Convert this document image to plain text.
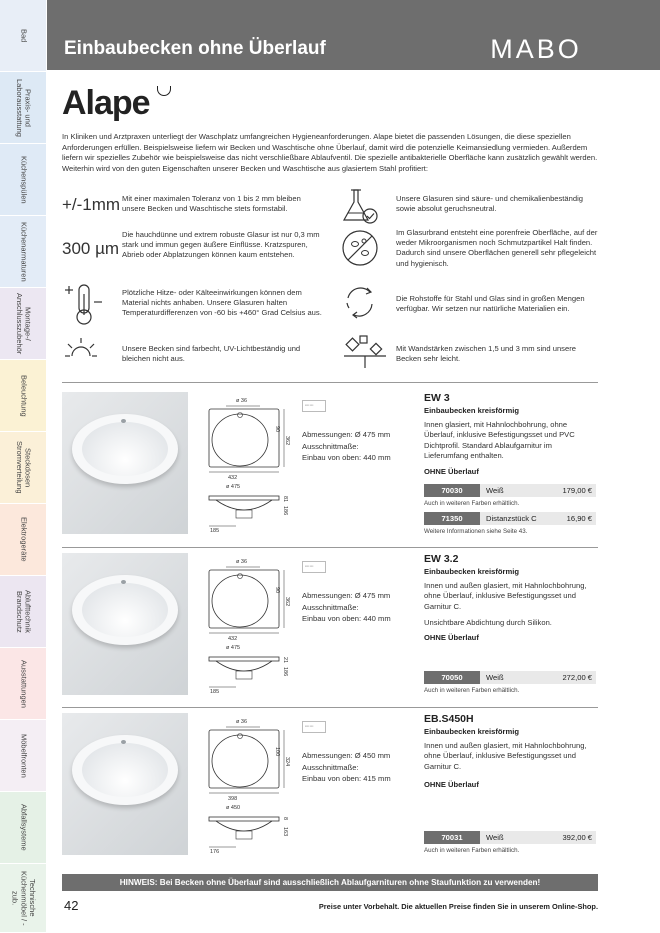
Bad
Praxis- und
Laborausstattung
Küchenspülen
Küchenarmaturen
Montage-/
Anschlusszubehör
Beleuchtung
Steckdosen
Stromverteilung
Elektrogeräte
Ablufttechnik
Brandschutz
Ausstattungen
Möbelfronten
Abfallsysteme
Technische
Küchenmöbel / -zub.
Einbaubecken ohne Überlauf	MABO
Alape
In Kliniken und Arztpraxen unterliegt der Waschplatz umfangreichen Hygieneanforderungen. Alape bietet die passenden Lösungen, die diese speziellen Anforderungen erfüllen. Beispielsweise liefern wir Becken und Waschtische ohne Überlauf, damit wird die potenzielle Keimansiedlung vermieden. Außerdem liefern wir spezielles Zubehör wie beispielsweise das nicht verschließbare Ablaufventil. Die spezielle antibakterielle Oberfläche kann zusätzlich gewählt werden. Weiterhin wird von den guten Eigenschaften unserer Becken und Waschtische aus glasiertem Stahl profitiert:
+/-1mm Mit einer maximalen Toleranz von 1 bis 2 mm bleiben unsere Becken und Waschtische stets formstabil.
300 µm
Die hauchdünne und extrem robuste Glasur ist nur 0,3 mm stark und immun gegen äußere Einflüsse. Kratzspuren, Abrieb oder Abplatzungen können kaum entstehen.
Plötzliche Hitze- oder Kälteeinwirkungen können dem Material nichts anhaben. Unsere Glasuren halten Temperaturdifferenzen von -60 bis +460° Grad Celsius aus.
Unsere Becken sind farbecht, UV-Lichtbeständig und bleichen nicht aus.
Unsere Glasuren sind säure- und chemikalienbeständig sowie absolut geruchsneutral.
Im Glasurbrand entsteht eine porenfreie Oberfläche, auf der weder Mikroorganismen noch Schmutzpartikel Halt finden. Dadurch sind unsere Oberflächen generell sehr pflegeleicht und hygienisch.
Die Rohstoffe für Stahl und Glas sind in großen Mengen verfügbar. Wir setzen nur natürliche Materialien ein.
Mit Wandstärken zwischen 1,5 und 3 mm sind unsere Becken sehr leicht.
ø 36
90
362
432
ø 475
81
186
185
▪▪▪▪ ▪▪▪
Abmessungen: Ø 475 mm
Ausschnittmaße:
Einbau von oben: 440 mm
EW 3
Einbaubecken kreisförmig
Innen glasiert, mit Hahnlochbohrung, ohne Überlauf, inklusive Befestigungsset und PVC Dichtprofil. Standard Ablaufgarnitur im Lieferumfang enthalten.
OHNE Überlauf
70030	Weiß	179,00 €
Auch in weiteren Farben erhältlich.
71350	Distanzstück C	16,90 €
Weitere Informationen siehe Seite 43.
ø 36
90
362
432
ø 475
21
186
185
▪▪▪▪ ▪▪▪
Abmessungen: Ø 475 mm
Ausschnittmaße:
Einbau von oben: 440 mm
EW 3.2
Einbaubecken kreisförmig
Innen und außen glasiert, mit Hahnlochbohrung, ohne Überlauf, inklusive Befestigungsset und Garnitur C.
Unsichtbare Abdichtung durch Silikon.
OHNE Überlauf
70050	Weiß	272,00 €
Auch in weiteren Farben erhältlich.
ø 36
100
324
398
ø 450
8
163
176
▪▪▪▪ ▪▪▪
Abmessungen: Ø 450 mm
Ausschnittmaße:
Einbau von oben: 415 mm
EB.S450H
Einbaubecken kreisförmig
Innen und außen glasiert, mit Hahnlochbohrung, ohne Überlauf, inklusive Befestigungsset und Garnitur C.
OHNE Überlauf
70031	Weiß	392,00 €
Auch in weiteren Farben erhältlich.
HINWEIS: Bei Becken ohne Überlauf sind ausschließlich Ablaufgarnituren ohne Staufunktion zu verwenden!
42	Preise unter Vorbehalt. Die aktuellen Preise finden Sie in unserem Online-Shop.
